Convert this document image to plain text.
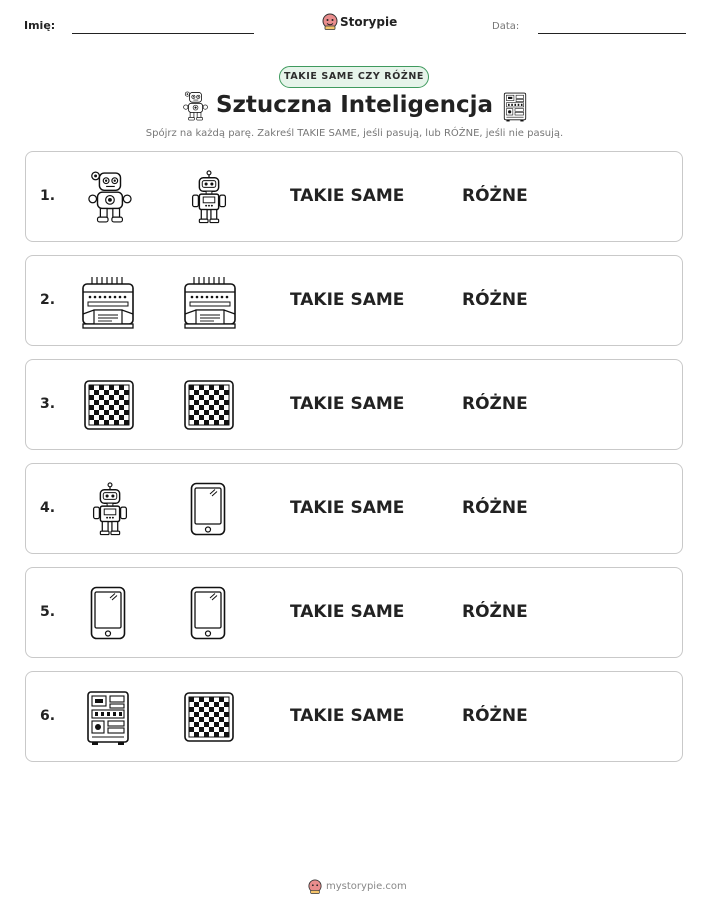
Imię:	Storypie	Data:
TAKIE SAME CZY RÓŻNE
Sztuczna Inteligencja
Spójrz na każdą parę. Zakreśl TAKIE SAME, jeśli pasują, lub RÓŻNE, jeśli nie pasują.
1.	TAKIE SAME	RÓŻNE
2.	TAKIE SAME	RÓŻNE
3.	TAKIE SAME	RÓŻNE
4.	TAKIE SAME	RÓŻNE
5.	TAKIE SAME	RÓŻNE
6.	TAKIE SAME	RÓŻNE
mystorypie.com
